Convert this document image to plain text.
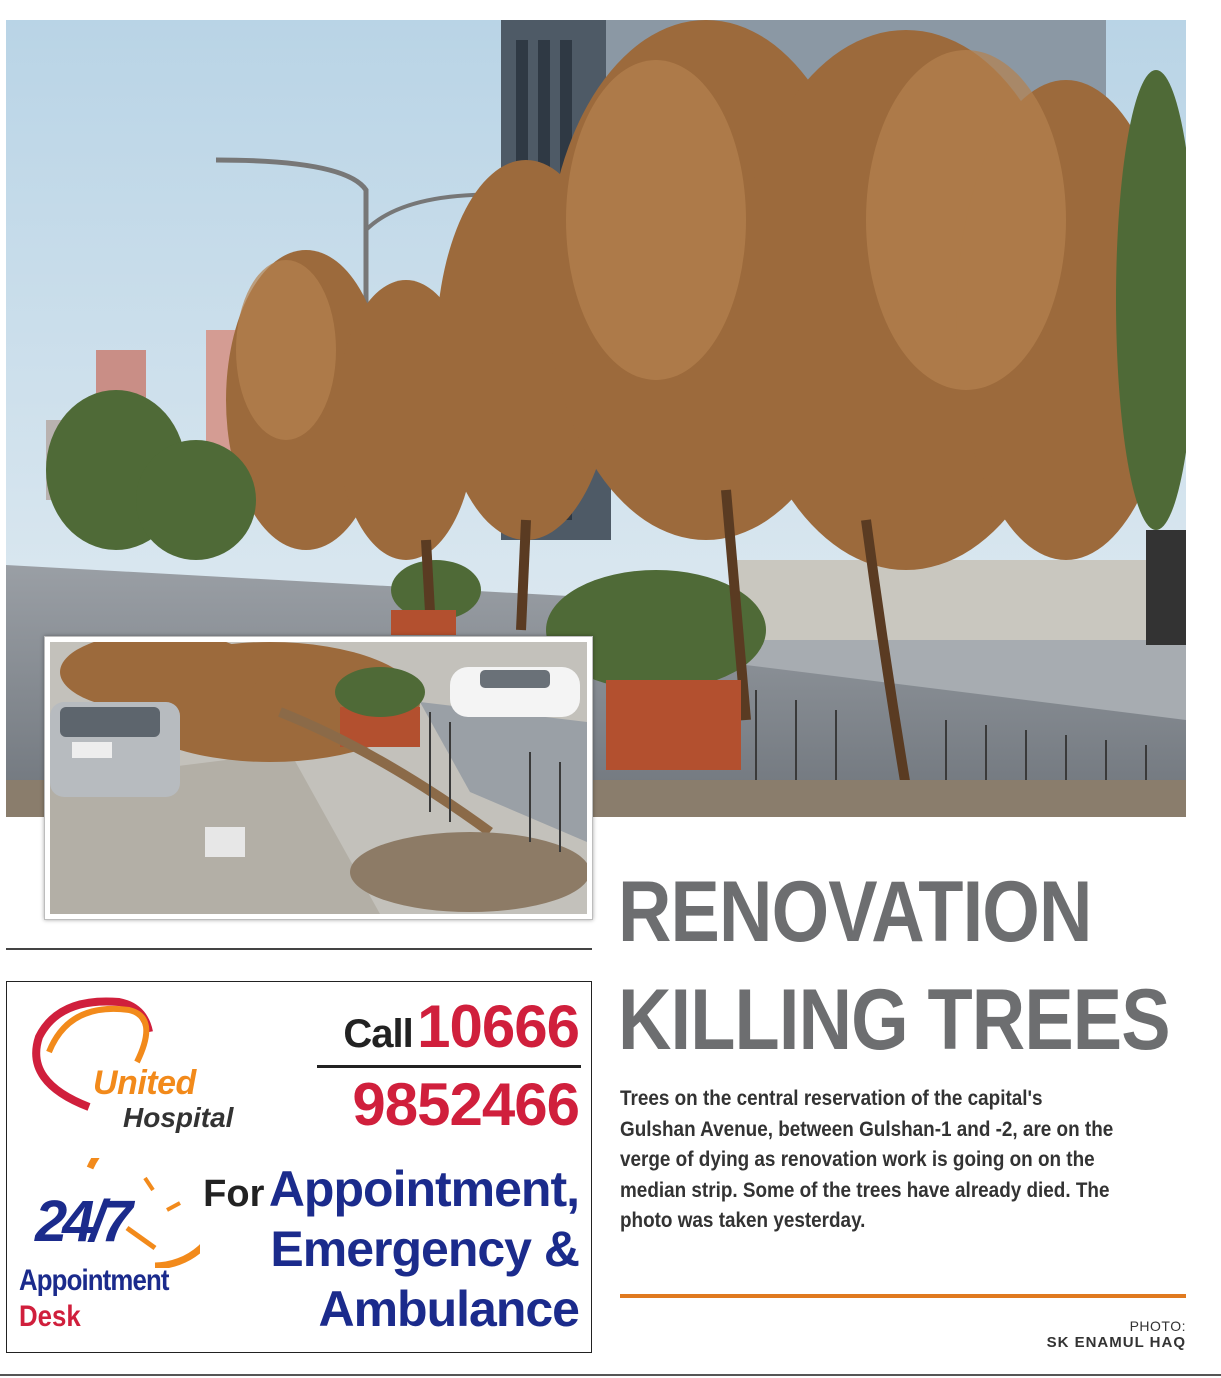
United
Hospital
Call 10666
9852466
24/7
Appointment
Desk
For Appointment,
Emergency &
Ambulance
RENOVATION
KILLING TREES

Trees on the central reservation of the capital's
Gulshan Avenue, between Gulshan-1 and -2, are on the
verge of dying as renovation work is going on on the
median strip. Some of the trees have already died. The
photo was taken yesterday.

PHOTO:
SK ENAMUL HAQ
